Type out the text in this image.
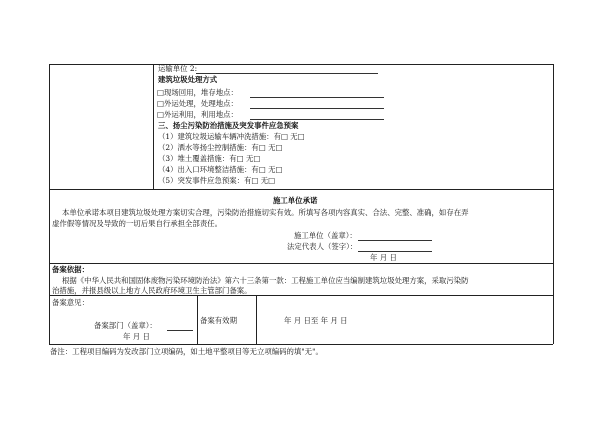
运输单位 2:
建筑垃圾处理方式
□现场回用，堆存地点：
□外运处理，处理地点：
□外运利用，利用地点：
三、扬尘污染防治措施及突发事件应急预案
（1）建筑垃圾运输车辆冲洗措施：有□ 无□
（2）洒水等扬尘控制措施：有□ 无□
（3）堆土覆盖措施：有□ 无□
（4）出入口环境整洁措施：有□ 无□
（5）突发事件应急预案：有□ 无□
施工单位承诺
本单位承诺本项目建筑垃圾处理方案切实合理，污染防治措施切实有效。所填写各项内容真实、合法、完整、准确，如存在弄
虚作假等情况及导致的一切后果自行承担全部责任。
施工单位（盖章）：
法定代表人（签字）：
年 月 日
备案依据：
根据《中华人民共和国固体废物污染环境防治法》第六十三条第一款：工程施工单位应当编制建筑垃圾处理方案，采取污染防
治措施，并报县级以上地方人民政府环境卫生主管部门备案。
备案意见：
备案部门（盖章）：
年 月 日
备案有效期	年 月 日至 年 月 日
备注：工程项目编码为发改部门立项编码，如土地平整项目等无立项编码的填"无"。
